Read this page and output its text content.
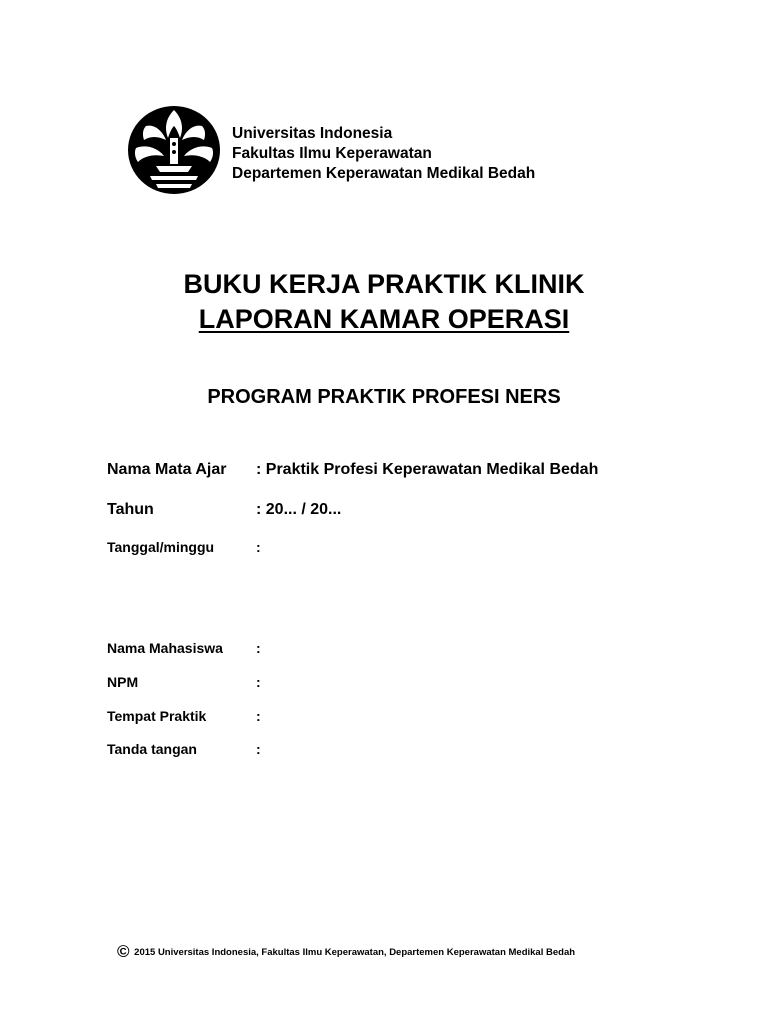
Universitas Indonesia
Fakultas Ilmu Keperawatan
Departemen Keperawatan Medikal Bedah
BUKU KERJA PRAKTIK KLINIK
LAPORAN KAMAR OPERASI
PROGRAM PRAKTIK PROFESI NERS
Nama Mata Ajar : Praktik Profesi Keperawatan Medikal Bedah
Tahun	: 20... / 20...
Tanggal/minggu	:
Nama Mahasiswa :
NPM	:
Tempat Praktik	:
Tanda tangan	:
© 2015 Universitas Indonesia, Fakultas Ilmu Keperawatan, Departemen Keperawatan Medikal Bedah
